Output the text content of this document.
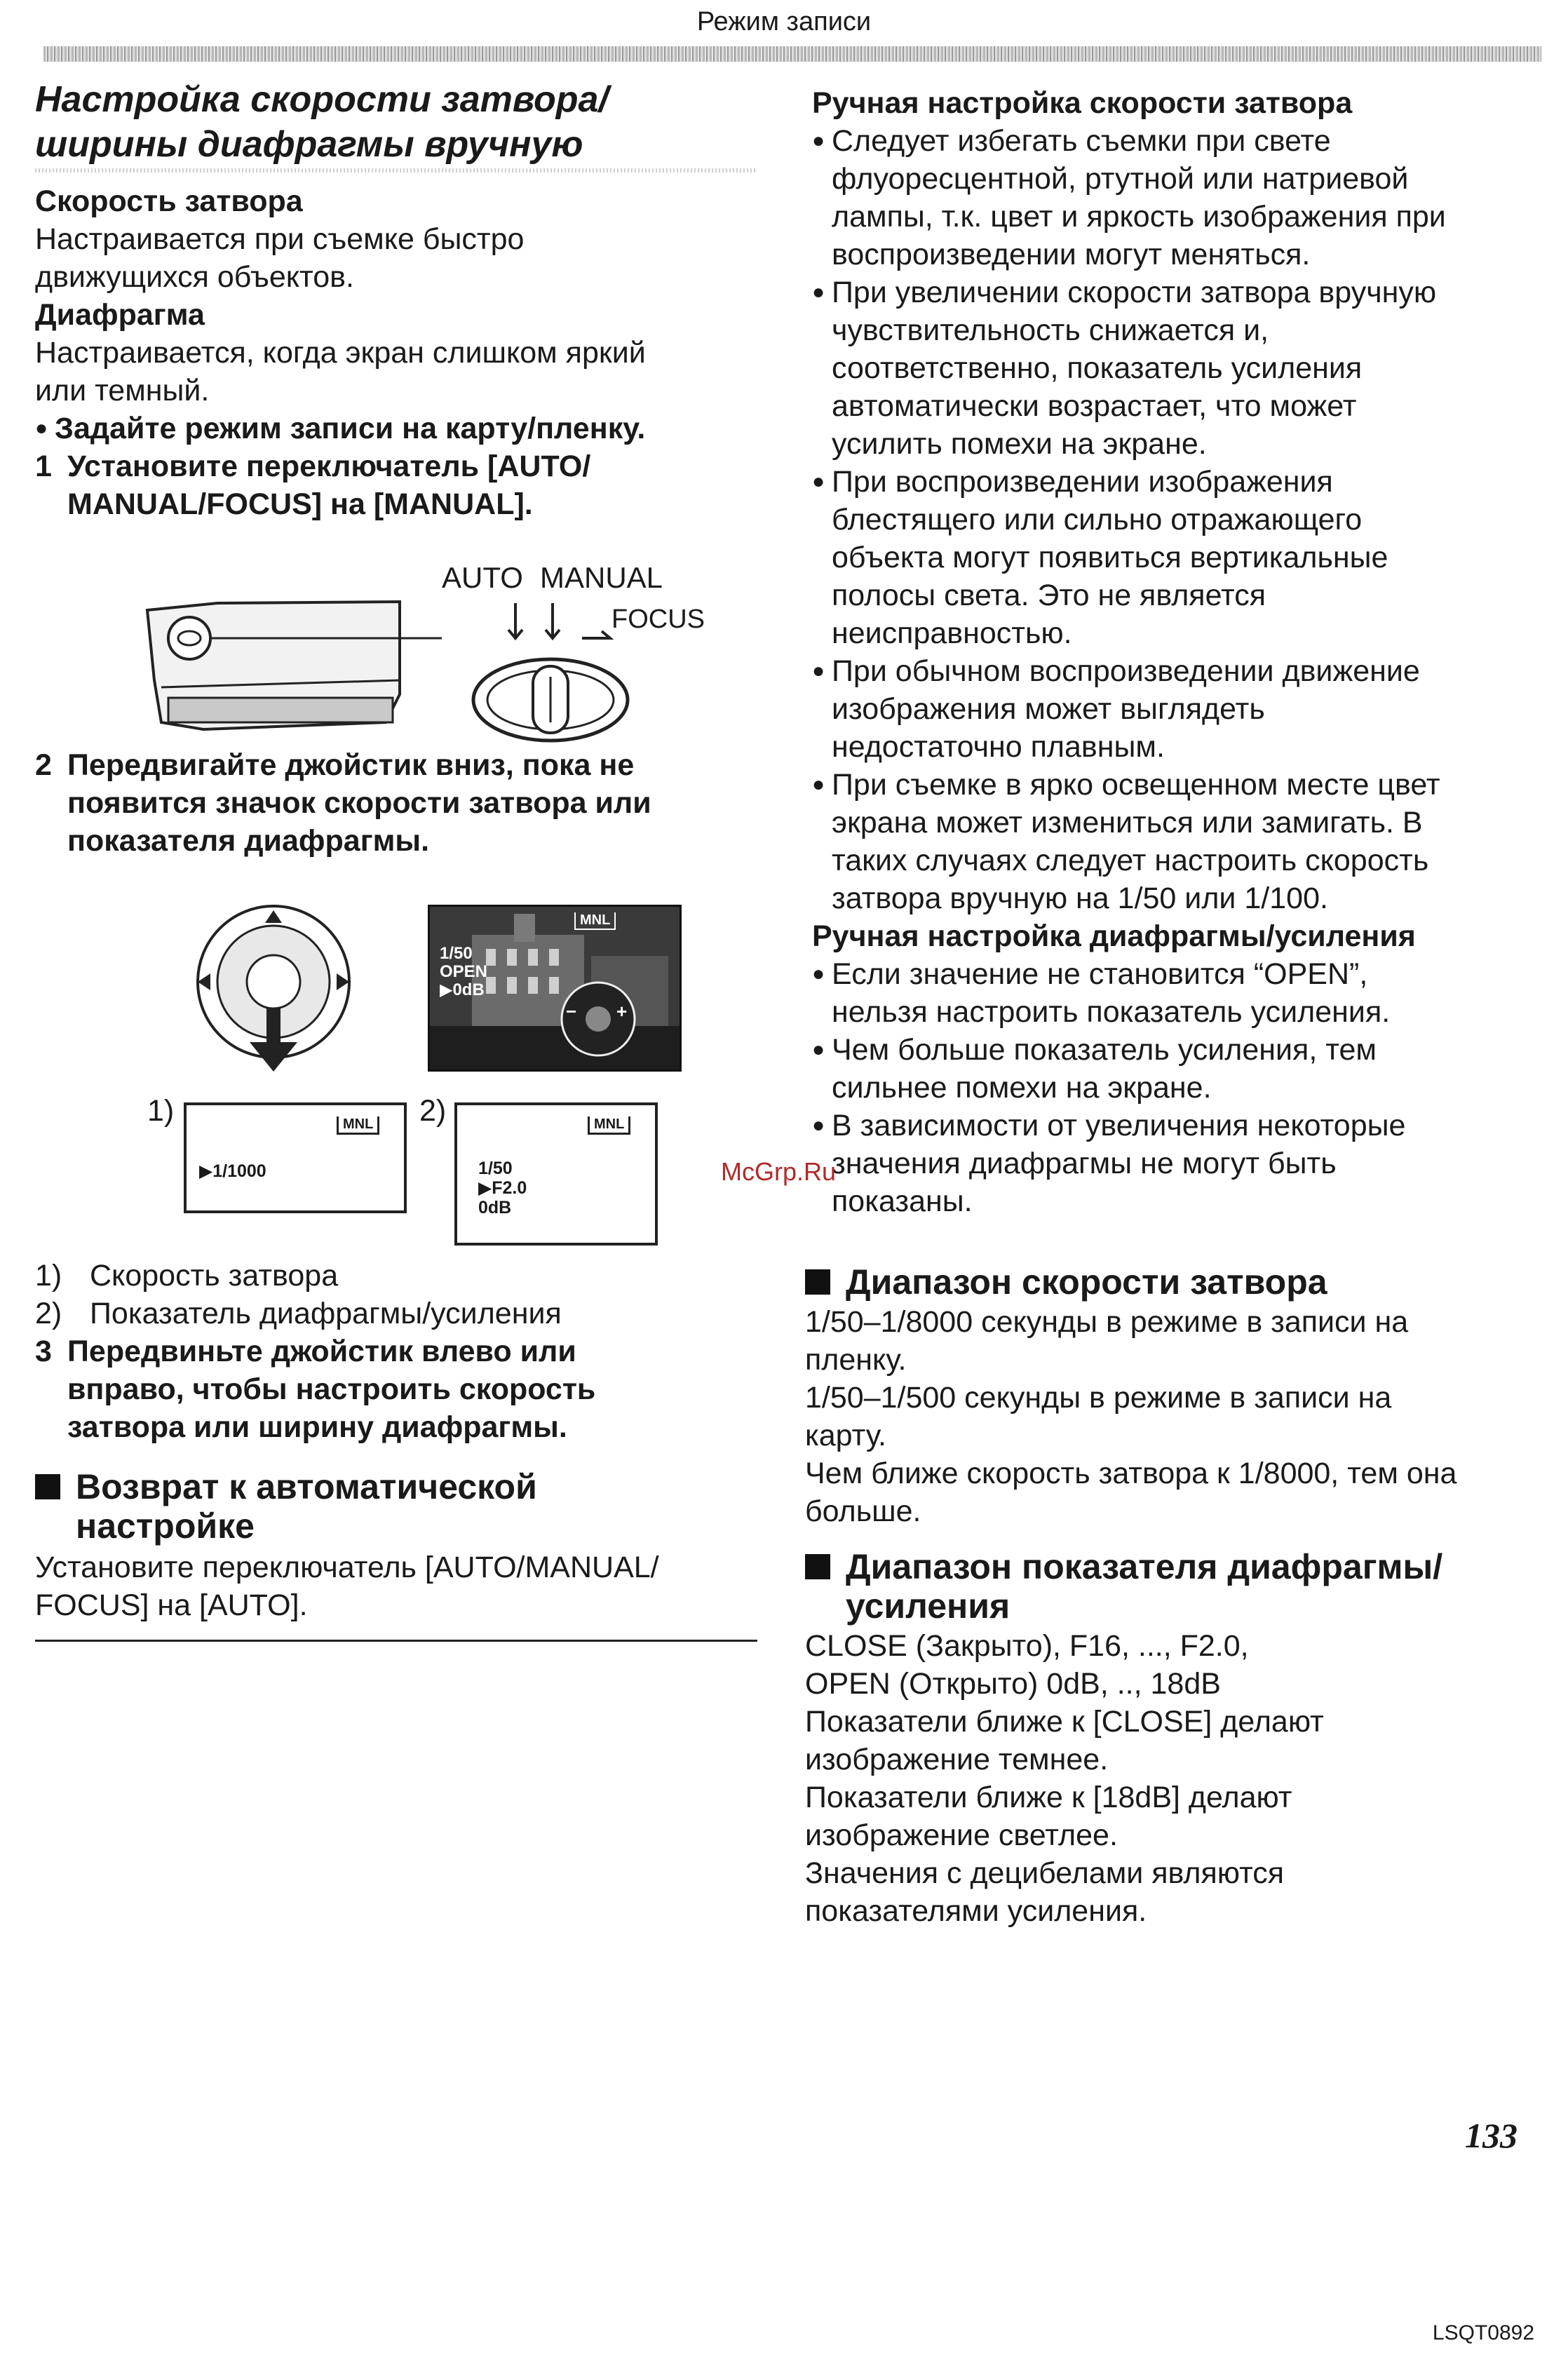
Режим записи

Настройка скорости затвора/

ширины диафрагмы вручную

Скорость затвора

Настраивается при съемке быстро
движущихся объектов.

Диафрагма

Настраивается, когда экран слишком яркий
или темный.

● Задайте режим записи на карту/пленку.
1 Установите переключатель [AUTO/
MANUAL/FOCUS] на [MANUAL].
AUTO MANUAL
FOCUS
2 Передвигайте джойстик вниз, пока не
появится значок скорости затвора или
показателя диафрагмы.
MNL
1/50
OPEN
▶0dB
− +
1)	MNL
▶1/1000
2)	MNL
1/50
▶F2.0
0dB
1) Скорость затвора
2) Показатель диафрагмы/усиления
3 Передвиньте джойстик влево или
вправо, чтобы настроить скорость
затвора или ширину диафрагмы.
Возврат к автоматической
настройке

Установите переключатель [AUTO/MANUAL/
FOCUS] на [AUTO].

Ручная настройка скорости затвора

● Следует избегать съемки при свете
флуоресцентной, ртутной или натриевой
лампы, т.к. цвет и яркость изображения при
воспроизведении могут меняться.
● При увеличении скорости затвора вручную
чувствительность снижается и,
соответственно, показатель усиления
автоматически возрастает, что может
усилить помехи на экране.
● При воспроизведении изображения
блестящего или сильно отражающего
объекта могут появиться вертикальные
полосы света. Это не является
неисправностью.
● При обычном воспроизведении движение
изображения может выглядеть
недостаточно плавным.
● При съемке в ярко освещенном месте цвет
экрана может измениться или замигать. В
таких случаях следует настроить скорость
затвора вручную на 1/50 или 1/100.

Ручная настройка диафрагмы/усиления

● Если значение не становится “OPEN”,
нельзя настроить показатель усиления.
● Чем больше показатель усиления, тем
сильнее помехи на экране.
● В зависимости от увеличения некоторые
значения диафрагмы не могут быть
показаны.
Диапазон скорости затвора

1/50–1/8000 секунды в режиме в записи на
пленку.
1/50–1/500 секунды в режиме в записи на
карту.
Чем ближе скорость затвора к 1/8000, тем она
больше.

Диапазон показателя диафрагмы/
усиления

CLOSE (Закрыто), F16, ..., F2.0,
OPEN (Открыто) 0dB, .., 18dB
Показатели ближе к [CLOSE] делают
изображение темнее.
Показатели ближе к [18dB] делают
изображение светлее.
Значения с децибелами являются
показателями усиления.

McGrp.Ru
133
LSQT0892
